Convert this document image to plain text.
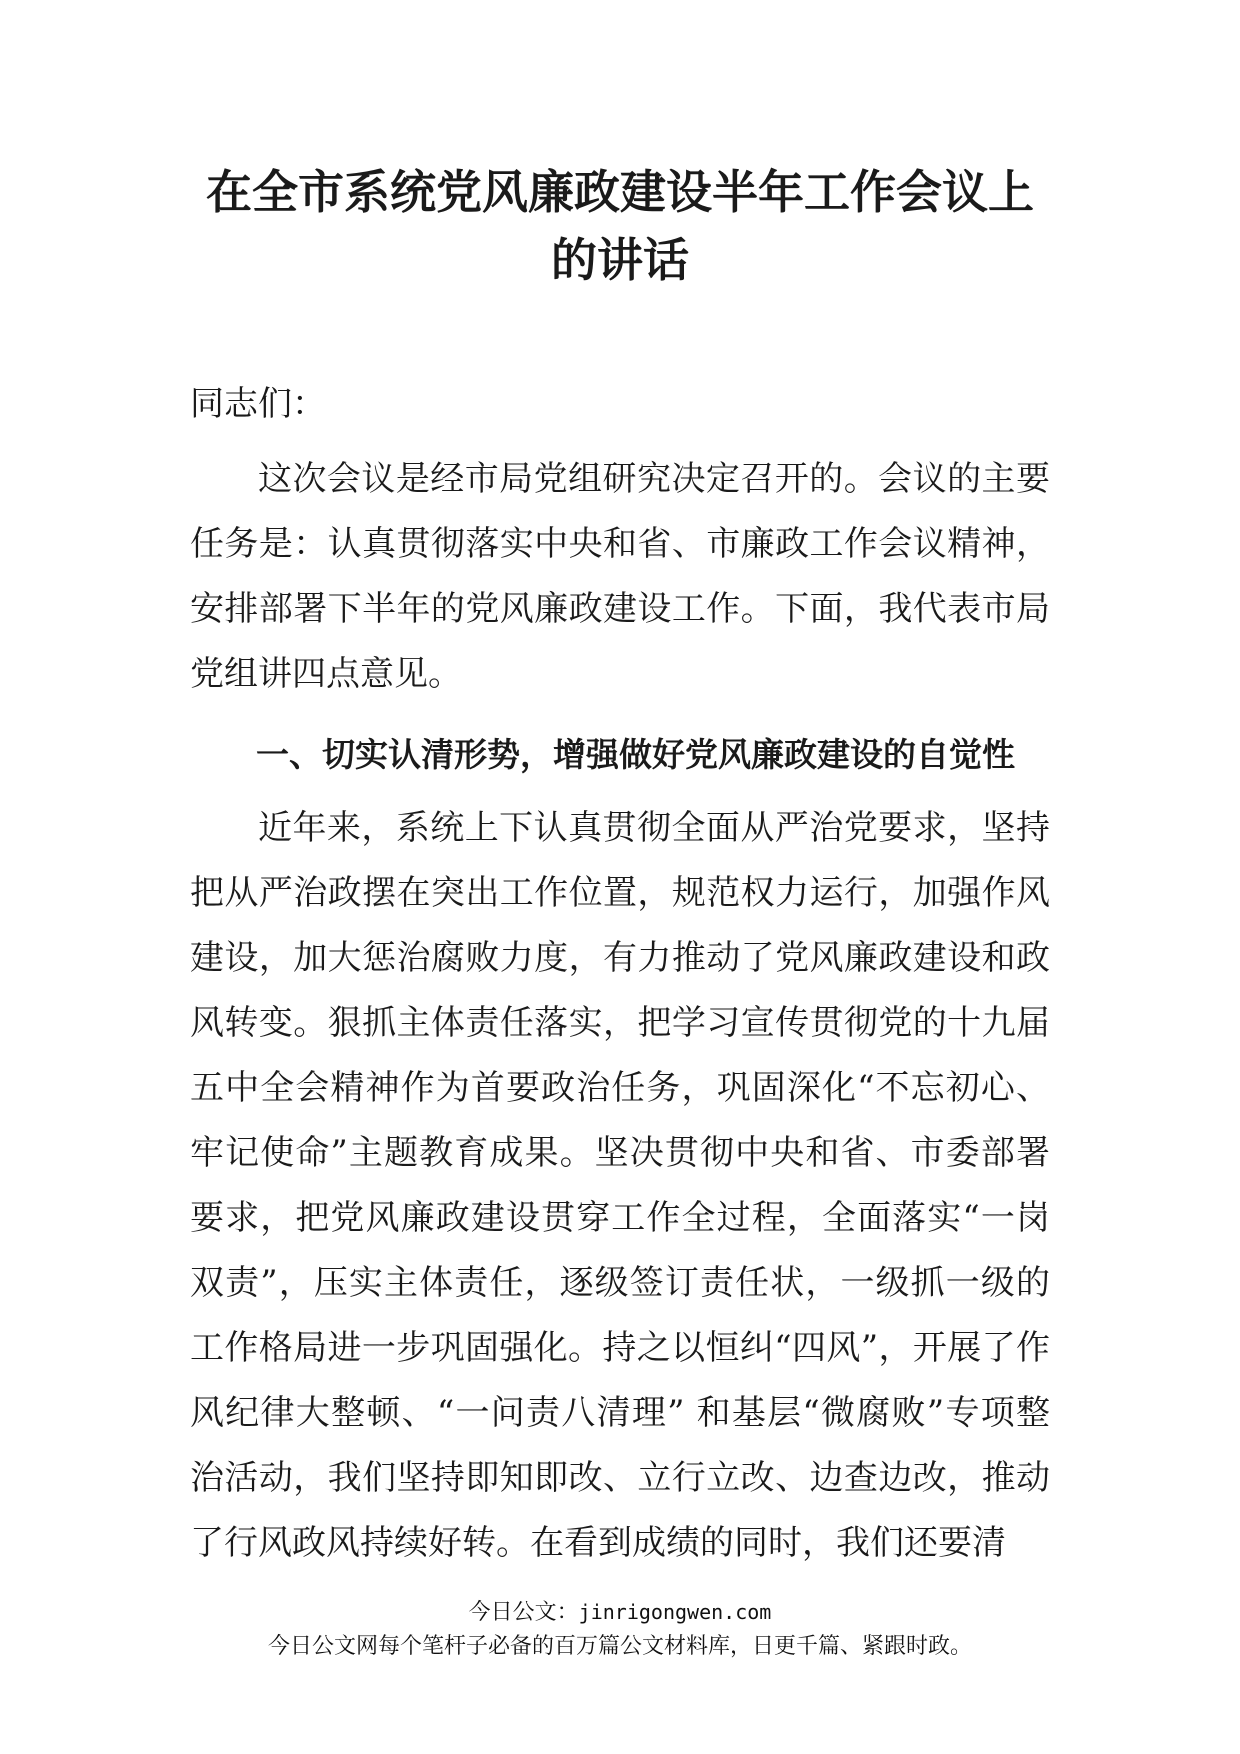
在全市系统党风廉政建设半年工作会议上的讲话

同志们：

这次会议是经市局党组研究决定召开的。会议的主要任务是：认真贯彻落实中央和省、市廉政工作会议精神，安排部署下半年的党风廉政建设工作。下面，我代表市局党组讲四点意见。

一、切实认清形势，增强做好党风廉政建设的自觉性

近年来，系统上下认真贯彻全面从严治党要求，坚持把从严治政摆在突出工作位置，规范权力运行，加强作风建设，加大惩治腐败力度，有力推动了党风廉政建设和政风转变。狠抓主体责任落实，把学习宣传贯彻党的十九届五中全会精神作为首要政治任务，巩固深化“不忘初心、牢记使命”主题教育成果。坚决贯彻中央和省、市委部署要求，把党风廉政建设贯穿工作全过程，全面落实“一岗双责”，压实主体责任，逐级签订责任状，一级抓一级的工作格局进一步巩固强化。持之以恒纠“四风”，开展了作风纪律大整顿、“一问责八清理” 和基层“微腐败”专项整治活动，我们坚持即知即改、立行立改、边查边改，推动了行风政风持续好转。在看到成绩的同时，我们还要清

今日公文：jinrigongwen.com

今日公文网每个笔杆子必备的百万篇公文材料库，日更千篇、紧跟时政。
